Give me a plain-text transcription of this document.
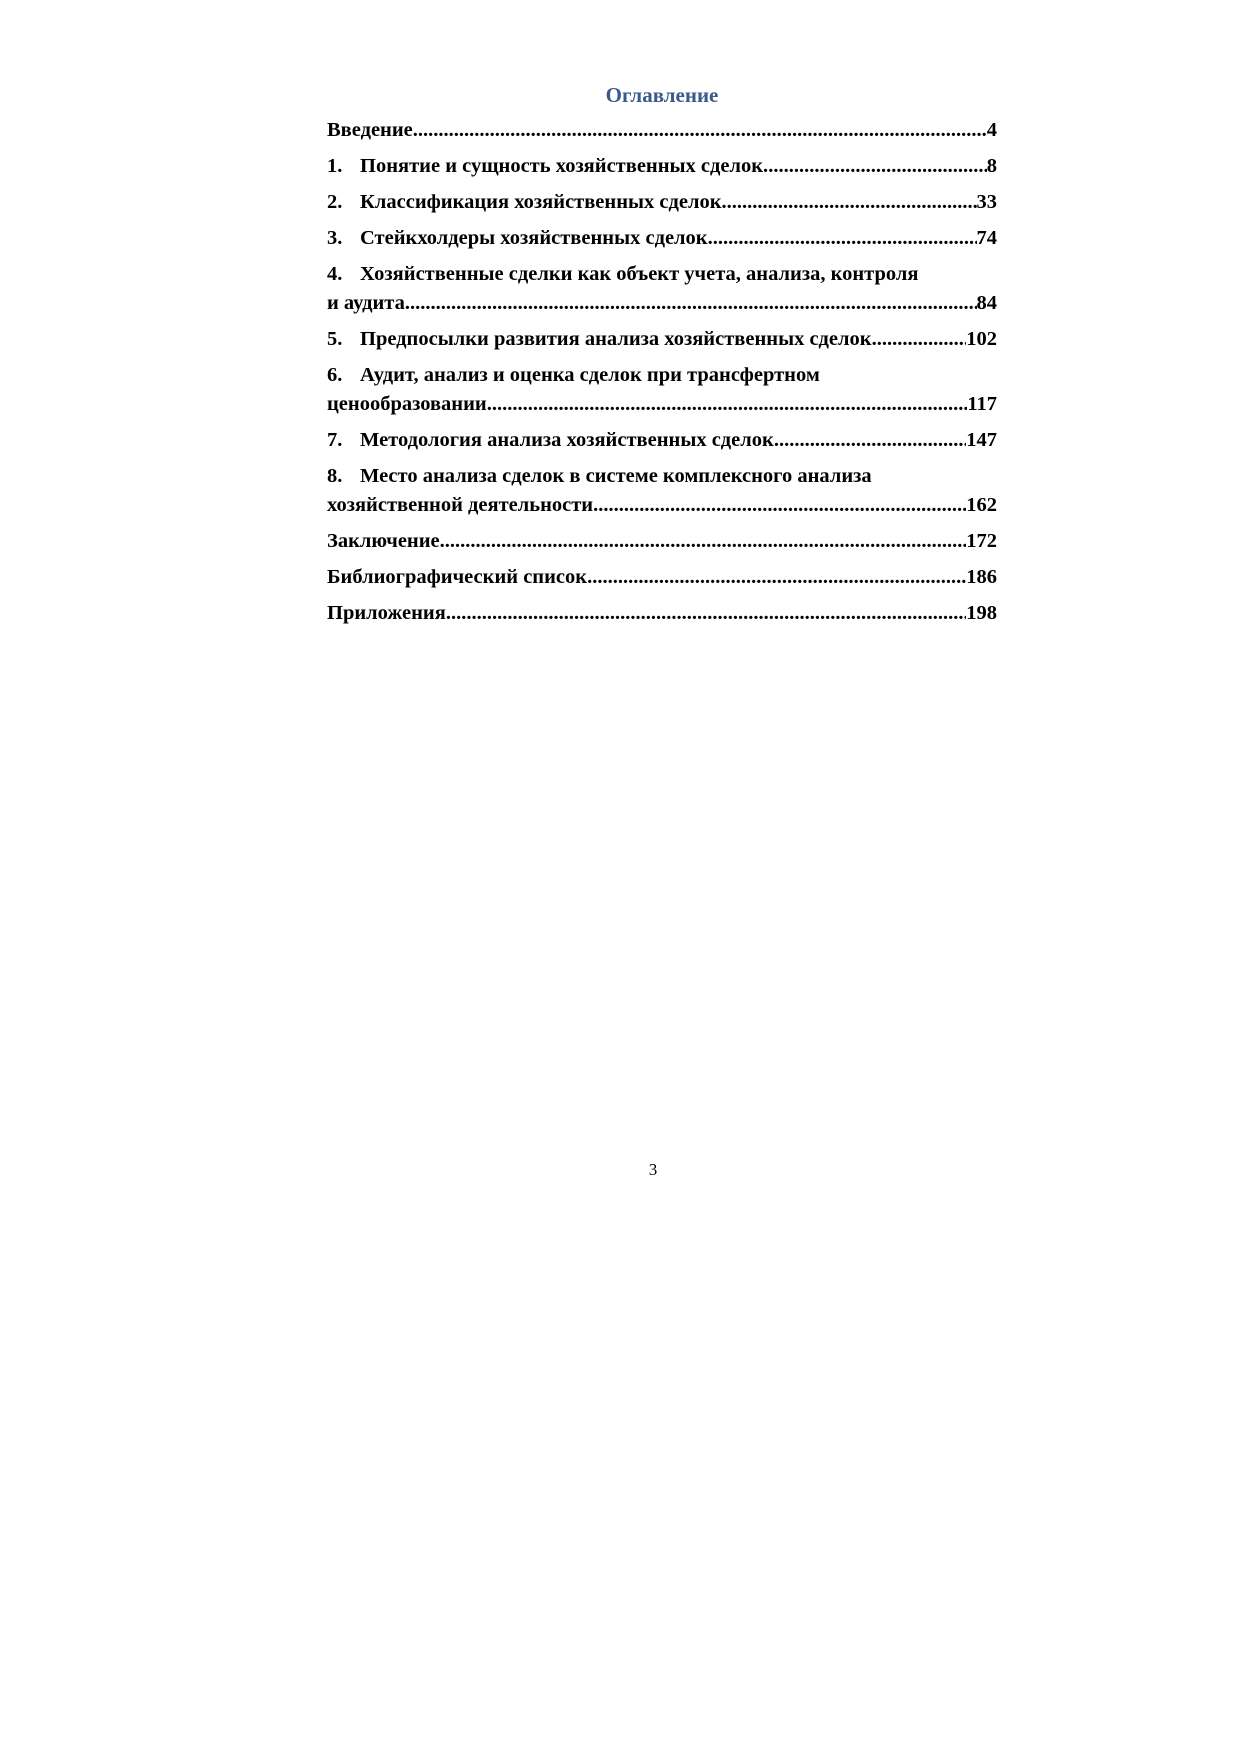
Оглавление
Введение .....	4
1. Понятие и сущность хозяйственных сделок. .....	8
2. Классификация хозяйственных сделок. .....	33
3. Стейкхолдеры хозяйственных сделок. .....	74
4. Хозяйственные сделки как объект учета, анализа, контроля
и аудита .....	84
5. Предпосылки развития анализа хозяйственных сделок .....	102
6. Аудит, анализ и оценка сделок при трансфертном
ценообразовании .....	117
7. Методология анализа хозяйственных сделок .....	147
8. Место анализа сделок в системе комплексного анализа
хозяйственной деятельности .....	162
Заключение .....	172
Библиографический список .....	186
Приложения .....	198
3
